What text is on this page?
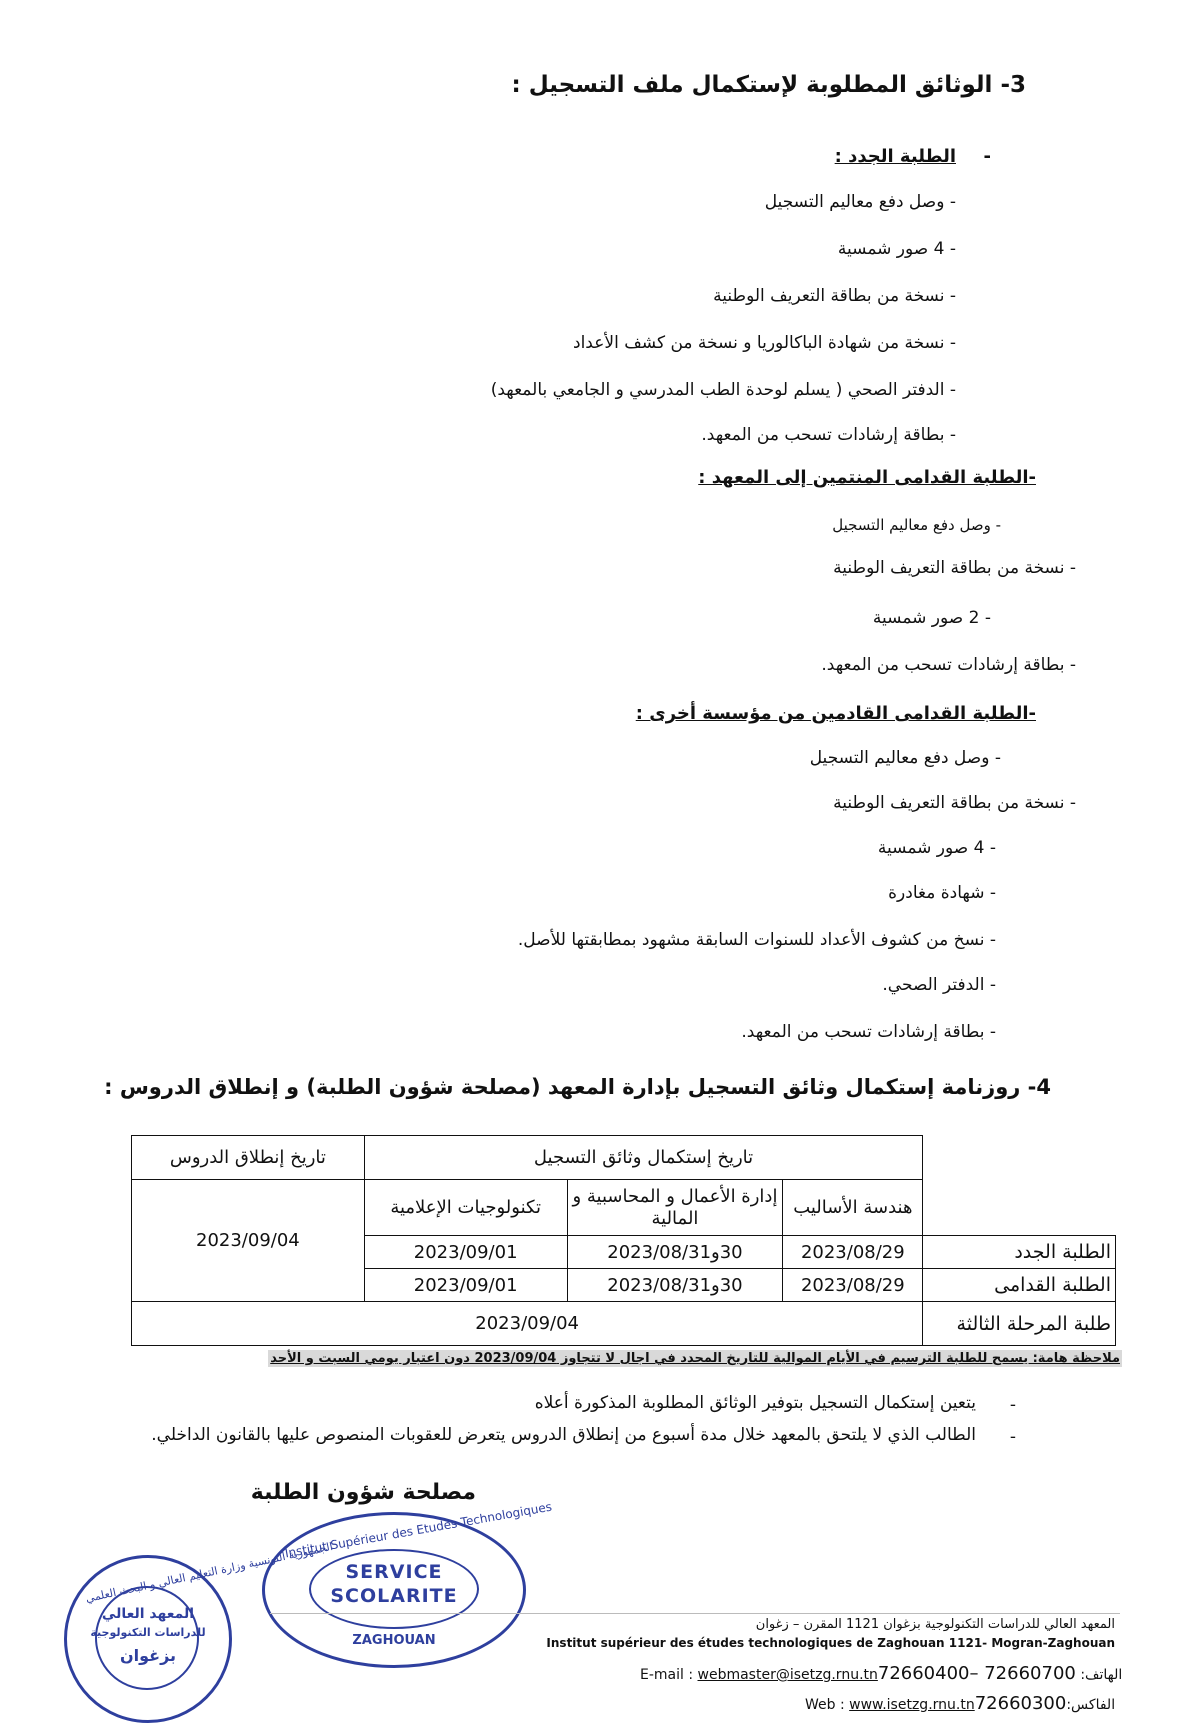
3- الوثائق المطلوبة لإستكمال ملف التسجيل :
-
الطلبة الجدد :
- وصل دفع معاليم التسجيل
- 4 صور شمسية
- نسخة من بطاقة التعريف الوطنية
- نسخة من شهادة الباكالوريا و نسخة من كشف الأعداد
- الدفتر الصحي ( يسلم لوحدة الطب المدرسي و الجامعي بالمعهد)
- بطاقة إرشادات تسحب من المعهد.
-الطلبة القدامى المنتمين إلى المعهد :
- وصل دفع معاليم التسجيل
- نسخة من بطاقة التعريف الوطنية
- 2 صور شمسية
- بطاقة إرشادات تسحب من المعهد.
-الطلبة القدامى القادمين من مؤسسة أخرى :
- وصل دفع معاليم التسجيل
- نسخة من بطاقة التعريف الوطنية
- 4 صور شمسية
- شهادة مغادرة
- نسخ من كشوف الأعداد للسنوات السابقة مشهود بمطابقتها للأصل.
- الدفتر الصحي.
- بطاقة إرشادات تسحب من المعهد.
4- روزنامة إستكمال وثائق التسجيل بإدارة المعهد (مصلحة شؤون الطلبة) و إنطلاق الدروس :
	تاريخ إستكمال وثائق التسجيل			تاريخ إنطلاق الدروس
	هندسة الأساليب	إدارة الأعمال و المحاسبية و المالية	تكنولوجيات الإعلامية	2023/09/04
الطلبة الجدد	2023/08/29	30و2023/08/31	2023/09/01	
الطلبة القدامى	2023/08/29	30و2023/08/31	2023/09/01	
طلبة المرحلة الثالثة	2023/09/04			
ملاحظة هامة: يسمح للطلبة الترسيم في الأيام الموالية للتاريخ المحدد في اجال لا تتجاوز 2023/09/04 دون اعتبار يومي السبت و الأحد
-
يتعين إستكمال التسجيل بتوفير الوثائق المطلوبة المذكورة أعلاه
-
الطالب الذي لا يلتحق بالمعهد خلال مدة أسبوع من إنطلاق الدروس يتعرض للعقوبات المنصوص عليها بالقانون الداخلي.
مصلحة شؤون الطلبة
الجمهورية التونسية وزارة التعليم العالي و البحث العلمي
المعهد العالي
للدراسات التكنولوجية
بزغوان
Institut Supérieur des Etudes Technologiques
SERVICE
SCOLARITE
ZAGHOUAN
المعهد العالي للدراسات التكنولوجية بزغوان 1121 المقرن – زغوان
Institut supérieur des études technologiques de Zaghouan 1121- Mogran-Zaghouan
E-mail : webmaster@isetzg.rnu.tn	الهاتف: 72660700 –72660400
Web : www.isetzg.rnu.tn	الفاكس:72660300
